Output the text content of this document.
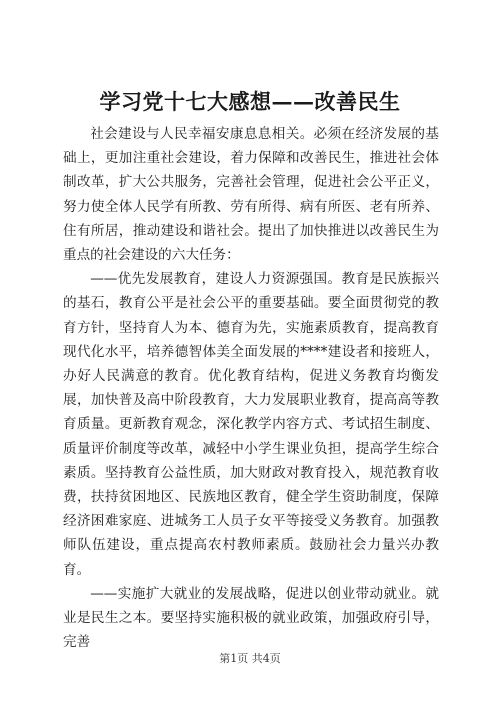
学习党十七大感想——改善民生

社会建设与人民幸福安康息息相关。必须在经济发展的基础上，更加注重社会建设，着力保障和改善民生，推进社会体制改革，扩大公共服务，完善社会管理，促进社会公平正义，努力使全体人民学有所教、劳有所得、病有所医、老有所养、住有所居，推动建设和谐社会。提出了加快推进以改善民生为重点的社会建设的六大任务：

——优先发展教育，建设人力资源强国。教育是民族振兴的基石，教育公平是社会公平的重要基础。要全面贯彻党的教育方针，坚持育人为本、德育为先，实施素质教育，提高教育现代化水平，培养德智体美全面发展的****建设者和接班人，办好人民满意的教育。优化教育结构，促进义务教育均衡发展，加快普及高中阶段教育，大力发展职业教育，提高高等教育质量。更新教育观念，深化教学内容方式、考试招生制度、质量评价制度等改革，减轻中小学生课业负担，提高学生综合素质。坚持教育公益性质，加大财政对教育投入，规范教育收费，扶持贫困地区、民族地区教育，健全学生资助制度，保障经济困难家庭、进城务工人员子女平等接受义务教育。加强教师队伍建设，重点提高农村教师素质。鼓励社会力量兴办教育。

——实施扩大就业的发展战略，促进以创业带动就业。就业是民生之本。要坚持实施积极的就业政策，加强政府引导，完善

第1页 共4页
